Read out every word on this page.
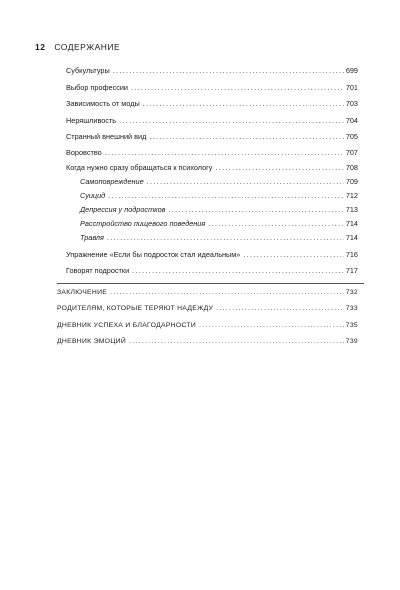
12 СОДЕРЖАНИЕ
Субкультуры .....	699
Выбор профессии .....	701
Зависимость от моды .....	703
Неряшливость .....	704
Странный внешний вид .....	705
Воровство .....	707
Когда нужно сразу обращаться к психологу .....	708
Самоповреждение .....	709
Суицид .....	712
Депрессия у подростков .....	713
Расстройство пищевого поведения .....	714
Травля .....	714
Упражнение «Если бы подросток стал идеальным» .....	716
Говорят подростки .....	717
ЗАКЛЮЧЕНИЕ .....	732
РОДИТЕЛЯМ, КОТОРЫЕ ТЕРЯЮТ НАДЕЖДУ .....	733
ДНЕВНИК УСПЕХА И БЛАГОДАРНОСТИ .....	735
ДНЕВНИК ЭМОЦИЙ .....	739
